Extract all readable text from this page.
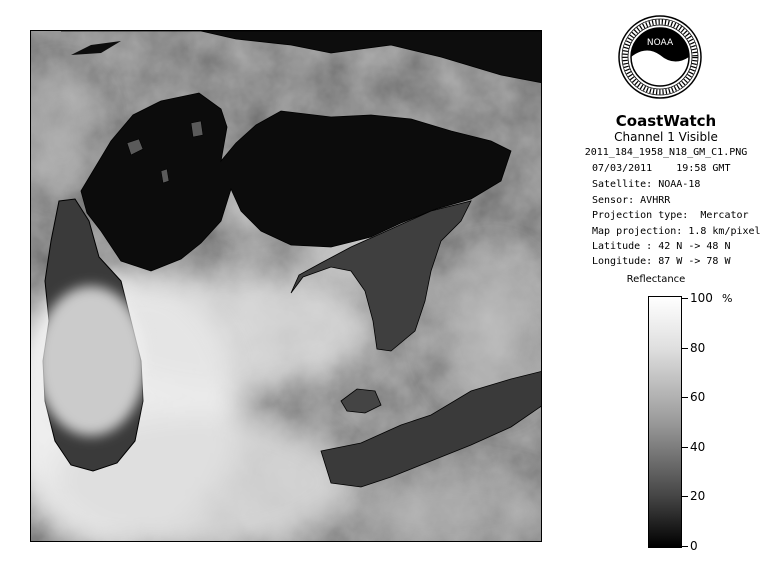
NOAA
CoastWatch
Channel 1 Visible
2011_184_1958_N18_GM_C1.PNG
07/03/2011    19:58 GMT
Satellite: NOAA-18
Sensor: AVHRR
Projection type:  Mercator
Map projection: 1.8 km/pixel
Latitude : 42 N -> 48 N
Longitude: 87 W -> 78 W
Reflectance
%
100
80
60
40
20
0
